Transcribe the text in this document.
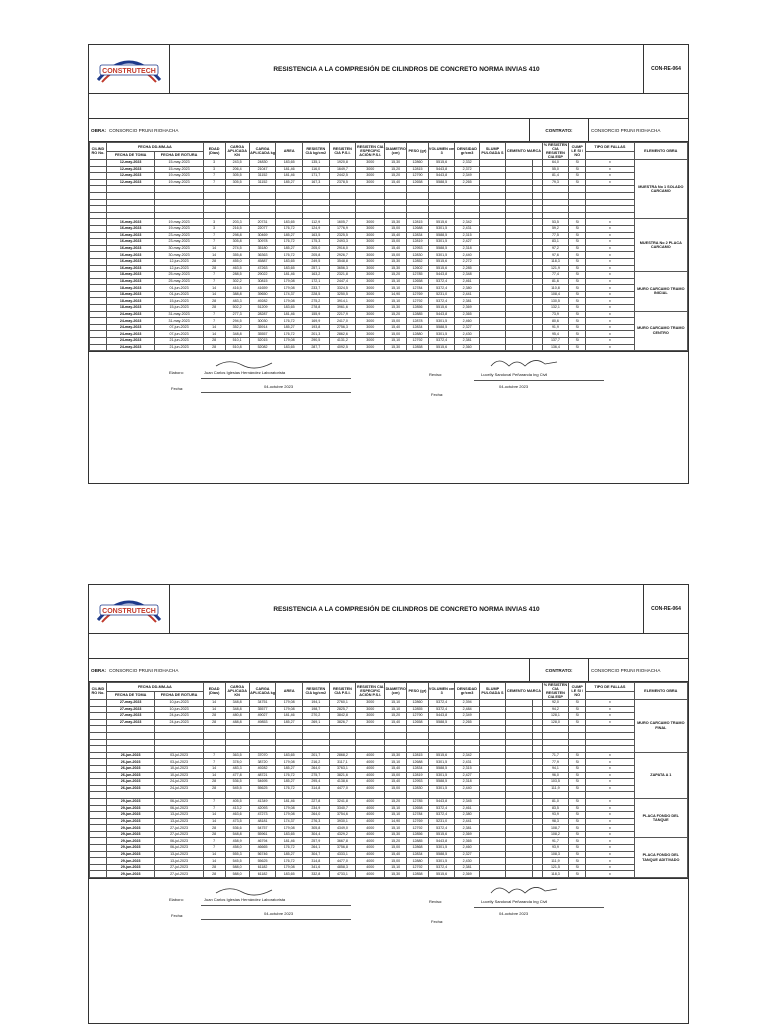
CONSTRUTECH	RESISTENCIA A LA COMPRESIÓN DE CILINDROS DE CONCRETO NORMA INVIAS 410	CON-RE-064
OBRA: CONSORCIO PRUNI RIOHACHA	CONTRATO:	CONSORCIO PRUNI RIOHACHA
CILIND RO No.	FECHA DD-MM-AA		EDAD (Días)	CARGA APLICADA KN	CARGA APLICADA kg	AREA	RESISTEN CIA kg/cm2	RESISTEN CIA P.S.I.	RESISTEN CIA ESPECIFIC ACIÓN P.S.I.	DIAMETRO (cm)	PESO (gr)	VOLUMEN cm 3	DENSIDAD gr/cm3	SLUMP PULGADA S	CEMENTO MARCA		% RESISTEN CIA RESISTEN CIA ESP	CUMP LE SI / NO	TIPO DE FALLAS	ELEMENTO OBRA
	FECHA DE TOMA	FECHA DE ROTURA																		
	12-may-2023	15-may-2023	3	243,5	24830	183,65	135,1	1920,8	3000	15,30	12860	5515,6	2,332				64,0	Si	x	MUESTRA No 1 SOLADO CARCAMO
	12-may-2023	15-may-2023	3	206,4	21047	181,46	116,0	1649,7	3000	15,20	12815	5443,8	2,372				55,0	Si	x	
	12-may-2023	19-may-2023	7	305,5	31152	181,46	171,7	2442,5	3000	15,20	12790	5443,8	2,349				81,4	Si	x	
	12-may-2023	19-may-2023	7	305,5	31152	185,27	167,3	2378,5	3000	15,40	12658	5588,5	2,265				79,3	Si	x	

	16-may-2023	19-may-2023	3	203,3	20731	183,65	112,9	1605,7	3000	15,30	12815	5515,6	2,342				53,5	Si	x	MUESTRA No 2 PLACA CARCAMO
	16-may-2023	19-may-2023	3	216,5	22077	176,72	124,9	1776,9	3000	15,00	12688	5301,5	2,431				59,2	Si	x	
	16-may-2023	23-may-2023	7	298,8	30469	185,27	163,5	2325,5	3000	15,40	12834	5588,5	2,315				77,5	Si	x	
	16-may-2023	23-may-2023	7	305,8	30978	176,72	175,3	2493,3	3000	15,00	12819	5301,5	2,427				83,1	Si	x	
	16-may-2023	30-may-2023	14	274,5	35180	185,27	205,0	2916,0	3000	15,40	12953	5588,5	2,318				97,2	Si	x	
	16-may-2023	30-may-2023	14	355,8	36363	176,72	205,8	2926,7	3000	15,00	12830	5301,5	2,440				97,6	Si	x	
	16-may-2023	12-jun-2023	28	455,0	45887	183,65	249,5	3548,8	3000	15,30	12852	5515,6	2,272				118,3	Si	x	
	16-may-2023	12-jun-2023	28	463,5	47263	183,65	257,1	3656,3	3000	15,30	12602	5515,6	2,285				121,9	Si	x	
	18-may-2023	25-may-2023	7	288,5	29022	181,46	163,2	2321,8	3000	15,20	12785	5443,8	2,348				77,4	Si	x	MURO CARCAMO TRAMO INICIAL
	18-may-2023	25-may-2023	7	302,2	30815	179,08	172,1	2447,4	3000	15,10	12658	5372,4	2,461				81,6	Si	x	
	18-may-2023	01-jun-2023	14	416,5	41659	179,08	233,7	3324,5	3000	15,10	12784	5372,4	2,380				110,8	Si	x	
	18-may-2023	01-jun-2023	14	388,8	39650	174,37	228,5	3250,5	3000	14,90	12769	5231,0	2,441				108,4	Si	x	
	18-may-2023	15-jun-2023	28	483,3	49282	179,08	275,2	3914,1	3000	15,10	12792	5372,4	2,381				130,5	Si	x	
	18-may-2023	15-jun-2023	28	502,2	51209	183,65	278,8	3961,6	3000	15,30	12856	5515,6	2,369				132,1	Si	x	
	24-may-2023	31-may-2023	7	277,3	28287	181,46	155,9	2217,9	3000	15,20	12885	5443,8	2,365				73,9	Si	x	MURO CARCAMO TRAMO CENTRO
	24-may-2023	31-may-2023	7	294,5	30030	176,72	169,9	2417,0	3000	15,00	12878	5301,5	2,460				80,6	Si	x	
	24-may-2023	07-jun-2023	14	352,2	35914	185,27	193,8	2756,3	3000	15,40	12834	5588,5	2,327				91,9	Si	x	
	24-may-2023	07-jun-2023	14	348,8	35557	176,72	201,3	2862,6	3000	15,00	12880	5301,5	2,430				95,4	Si	x	
	24-may-2023	21-jun-2023	28	510,1	52015	179,08	290,5	4131,2	3000	15,10	12792	5372,4	2,381				137,7	Si	x	
	24-may-2023	21-jun-2023	28	510,8	52082	183,65	287,7	4092,5	3000	15,30	12858	5515,6	2,360				136,4	Si	x	
Elaboro:	Juan Carlos Iglesias Hernández Laboratorista
Fecha:	04-octubre 2023
Reviso:	Lucelly Sandoval Peñaranda Ing Civil
04-octubre 2023
Fecha:
CONSTRUTECH	RESISTENCIA A LA COMPRESIÓN DE CILINDROS DE CONCRETO NORMA INVIAS 410	CON-RE-064
OBRA: CONSORCIO PRUNI RIOHACHA	CONTRATO:	CONSORCIO PRUNI RIOHACHA
CILIND RO No.	FECHA DD-MM-AA		EDAD (Días)	CARGA APLICADA KN	CARGA APLICADA kg	AREA	RESISTEN CIA kg/cm2	RESISTEN CIA P.S.I.	RESISTEN CIA ESPECIFIC ACIÓN P.S.I.	DIAMETRO (cm)	PESO (gr)	VOLUMEN cm 3	DENSIDAD gr/cm3	SLUMP PULGADA S	CEMENTO MARCA		% RESISTEN CIA RESISTEN CIA ESP	CUMP LE SI / NO	TIPO DE FALLAS	ELEMENTO OBRA
	FECHA DE TOMA	FECHA DE ROTURA																		
	27-may-2023	10-jun-2023	14	348,8	34751	179,08	194,1	2760,1	3000	15,10	12860	5372,4	2,394				92,0	Si	x	MURO CARCAMO TRAMO FINAL
	27-may-2023	10-jun-2023	14	348,8	35577	179,08	198,7	2825,7	3000	15,10	12855	5372,4	2,484				94,2	Si	x	
	27-may-2023	24-jun-2023	28	480,8	49027	181,46	270,2	3842,8	3000	15,20	12790	5443,8	2,349				128,1	Si	x	
	27-may-2023	24-jun-2023	28	488,8	49853	185,27	269,1	3826,7	3000	15,40	12658	5588,5	2,265				128,0	Si	x	

	26-jun-2023	03-jul-2023	7	363,5	37070	183,65	201,7	2868,2	4000	15,30	12815	5515,6	2,342				71,7	Si	x	ZAPATA A 1
	26-jun-2023	03-jul-2023	7	378,0	38720	179,08	216,2	3117,1	4000	15,10	12688	5301,5	2,431				77,9	Si	x	
	26-jun-2023	10-jul-2023	14	483,3	49282	185,27	264,0	3763,1	4000	15,40	12834	5588,5	2,315				94,1	Si	x	
	26-jun-2023	10-jul-2023	14	477,8	48721	176,72	275,7	3821,6	4000	15,00	12819	5301,5	2,427				96,0	Si	x	
	26-jun-2023	24-jul-2023	28	536,5	54695	185,27	295,4	4138,6	4000	15,40	12953	5588,5	2,318				103,5	Si	x	
	26-jun-2023	24-jul-2023	28	545,5	55625	176,72	314,8	4477,0	4000	15,00	12830	5301,5	2,440				111,9	Si	x	

	29-jun-2023	06-jul-2023	7	405,5	41349	181,46	227,8	3241,8	4000	15,20	12785	5443,8	2,345				81,0	Si	x	PLACA FONDO DEL TANQUE
	29-jun-2023	06-jul-2023	7	413,2	42093	179,08	234,9	3340,7	4000	15,10	12658	5372,4	2,461				83,5	Si	x	
	29-jun-2023	13-jul-2023	14	463,6	47273	179,08	264,0	3754,6	4000	15,10	12784	5372,4	2,380				93,9	Si	x	
	29-jun-2023	13-jul-2023	14	473,5	48181	174,37	276,3	3930,1	4000	14,90	12769	5231,0	2,441				98,3	Si	x	
	29-jun-2023	27-jul-2023	28	536,6	54757	179,08	305,8	4349,0	4000	15,10	12792	5372,4	2,381				108,7	Si	x	
	29-jun-2023	27-jul-2023	28	548,8	55961	183,65	304,4	4329,2	4000	15,30	12856	5515,6	2,369				108,2	Si	x	
	29-jun-2023	06-jul-2023	7	458,9	46794	181,46	257,9	3667,8	4000	15,20	12885	5443,8	2,365				91,7	Si	x	PLACA FONDO DEL TANQUE ADITIVADO
	29-jun-2023	06-jul-2023	7	458,0	46665	176,72	264,1	3756,8	4000	15,00	12868	5301,5	2,460				93,9	Si	x	
	29-jun-2023	13-jul-2023	14	555,3	56746	185,27	304,7	4333,1	4000	15,40	12834	5588,5	2,327				108,3	Si	x	
	29-jun-2023	13-jul-2023	14	545,5	55625	176,72	314,8	4477,0	4000	15,00	12880	5301,5	2,430				111,9	Si	x	
	29-jun-2023	27-jul-2023	28	588,0	61182	179,08	341,6	4858,3	4000	15,10	12792	5372,4	2,381				121,5	Si	x	
	29-jun-2023	27-jul-2023	28	588,0	61182	183,65	332,8	4733,1	4000	15,30	12858	5515,6	2,369				118,3	Si	x	
Elaboro:	Juan Carlos Iglesias Hernández Laboratorista
Fecha:	04-octubre 2023
Reviso:	Lucelly Sandoval Peñaranda Ing Civil
04-octubre 2023
Fecha:
